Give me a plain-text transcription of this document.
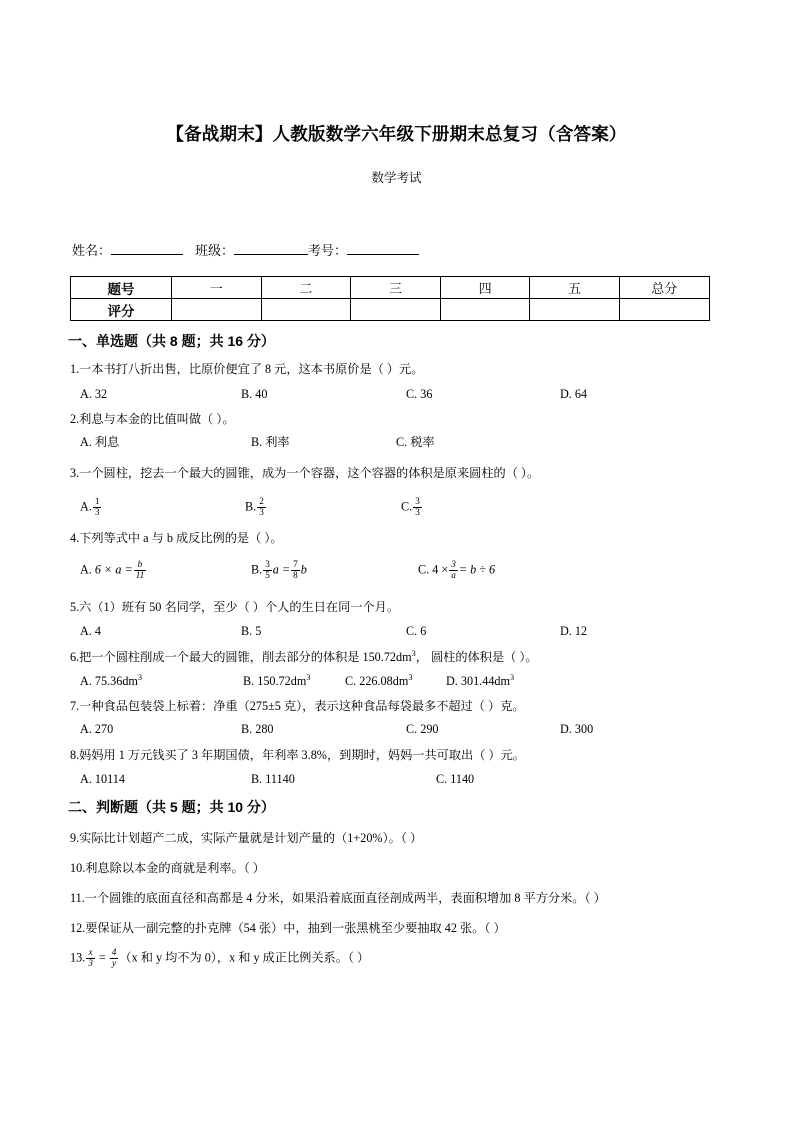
【备战期末】人教版数学六年级下册期末总复习（含答案）
数学考试
姓名：	班级：	考号：
题号	一	二	三	四	五	总分
评分						
一、单选题（共 8 题；共 16 分）
1.一本书打八折出售，比原价便宜了 8 元，这本书原价是（ ）元。
A. 32	B. 40	C. 36	D. 64
2.利息与本金的比值叫做（ ）。
A. 利息	B. 利率	C. 税率
3.一个圆柱，挖去一个最大的圆锥，成为一个容器，这个容器的体积是原来圆柱的（ ）。
A. $\frac{1}{3}$	B. $\frac{2}{3}$	C. $\frac{3}{3}$
4.下列等式中 a 与 b 成反比例的是（ ）。
A. $6 \times a = \frac{b}{11}$	B. $\frac{3}{5}$ $a = \frac{7}{8}$ b	C. $4 \times \frac{3}{a} = b \div 6$
5.六（1）班有 50 名同学，至少（ ）个人的生日在同一个月。
A. 4	B. 5	C. 6	D. 12
6.把一个圆柱削成一个最大的圆锥，削去部分的体积是 $150.72dm^3$， 圆柱的体积是（ ）。
A. $75.36dm^3$	B. $150.72dm^3$	C. $226.08dm^3$	D. $301.44dm^3$
7.一种食品包装袋上标着：净重（275±5 克），表示这种食品每袋最多不超过（ ）克。
A. 270	B. 280	C. 290	D. 300
8.妈妈用 1 万元钱买了 3 年期国债，年利率 3.8%，到期时，妈妈一共可取出（ ）元。
A. 10114	B. 11140	C. 1140
二、判断题（共 5 题；共 10 分）
9.实际比计划超产二成，实际产量就是计划产量的（1+20%）。（ ）
10.利息除以本金的商就是利率。（ ）
11.一个圆锥的底面直径和高都是 4 分米，如果沿着底面直径剖成两半，表面积增加 8 平方分米。（ ）
12.要保证从一副完整的扑克牌（54 张）中，抽到一张黑桃至少要抽取 42 张。（ ）
13. $\frac{x}{3} = \frac{4}{y} (x$ 和 y 均不为 0），x 和 y 成正比例关系。（ ）
